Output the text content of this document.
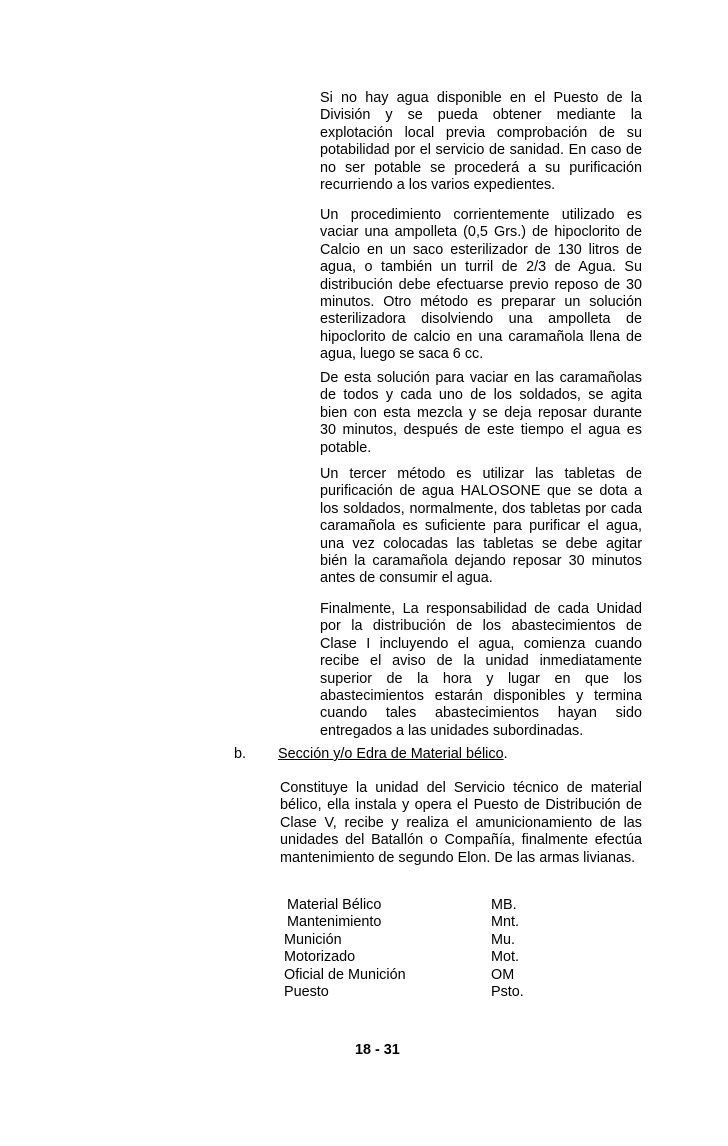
Si no hay agua disponible en el Puesto de la División y se pueda obtener mediante la explotación local previa comprobación de su potabilidad por el servicio de sanidad. En caso de no ser potable se procederá a su purificación recurriendo a los varios expedientes.

Un procedimiento corrientemente utilizado es vaciar una ampolleta (0,5 Grs.) de hipoclorito de Calcio en un saco esterilizador de 130 litros de agua, o también un turril de 2/3 de Agua. Su distribución debe efectuarse previo reposo de 30 minutos. Otro método es preparar un solución esterilizadora disolviendo una ampolleta de hipoclorito de calcio en una caramañola llena de agua, luego se saca 6 cc.

De esta solución para vaciar en las caramañolas de todos y cada uno de los soldados, se agita bien con esta mezcla y se deja reposar durante 30 minutos, después de este tiempo el agua es potable.

Un tercer método es utilizar las tabletas de purificación de agua HALOSONE que se dota a los soldados, normalmente, dos tabletas por cada caramañola es suficiente para purificar el agua, una vez colocadas las tabletas se debe agitar bién la caramañola dejando reposar 30 minutos antes de consumir el agua.

Finalmente, La responsabilidad de cada Unidad por la distribución de los abastecimientos de Clase I incluyendo el agua, comienza cuando recibe el aviso de la unidad inmediatamente superior de la hora y lugar en que los abastecimientos estarán disponibles y termina cuando tales abastecimientos hayan sido entregados a las unidades subordinadas.

b. Sección y/o Edra de Material bélico.

Constituye la unidad del Servicio técnico de material bélico, ella instala y opera el Puesto de Distribución de Clase V, recibe y realiza el amunicionamiento de las unidades del Batallón o Compañía, finalmente efectúa mantenimiento de segundo Elon. De las armas livianas.

Material Bélico	MB.
Mantenimiento	Mnt.
Munición	Mu.
Motorizado	Mot.
Oficial de Munición	OM
Puesto	Psto.
18 - 31
